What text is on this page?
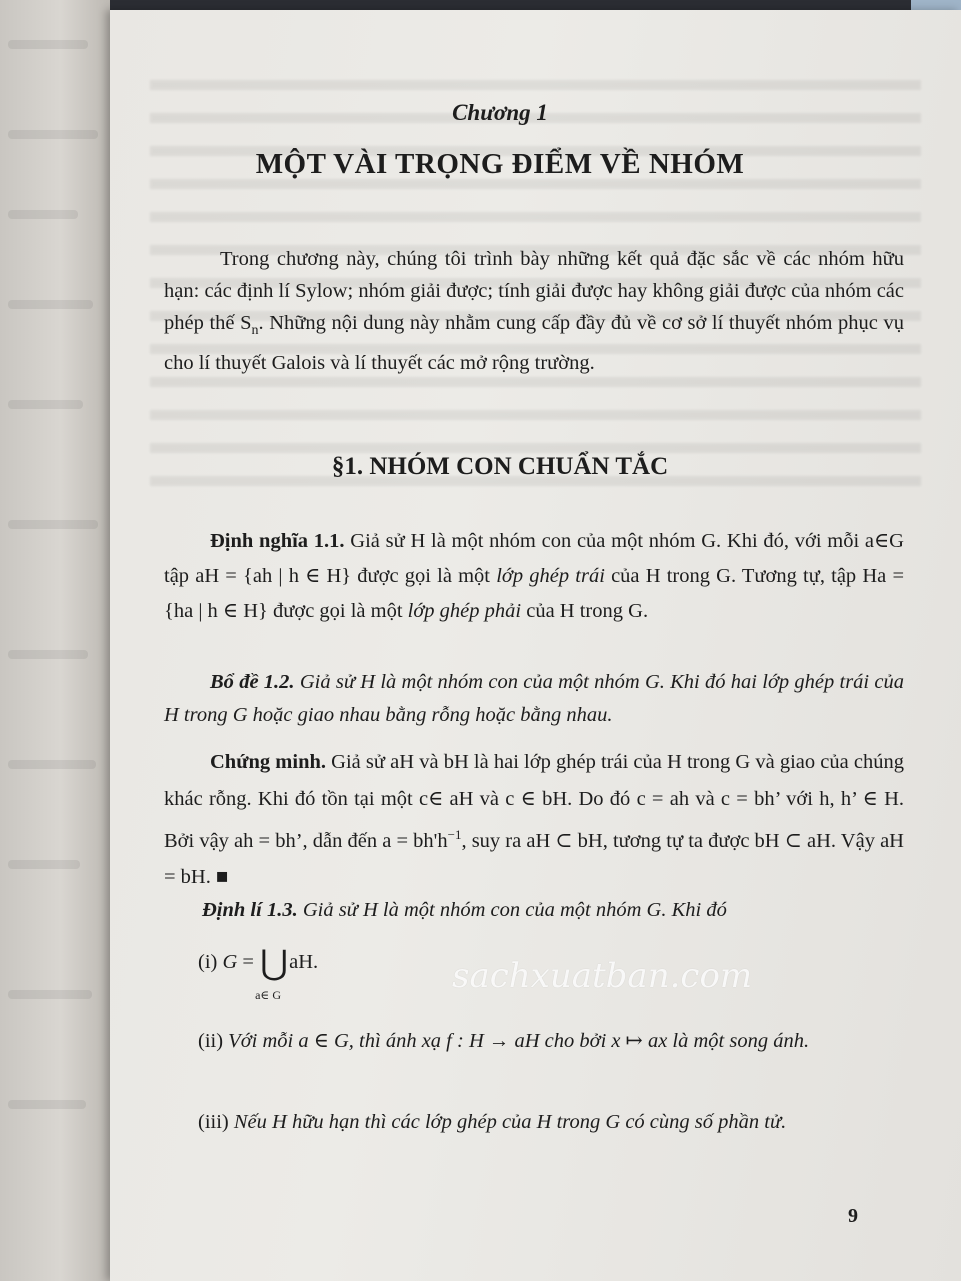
Chương 1
MỘT VÀI TRỌNG ĐIỂM VỀ NHÓM
Trong chương này, chúng tôi trình bày những kết quả đặc sắc về các nhóm hữu hạn: các định lí Sylow; nhóm giải được; tính giải được hay không giải được của nhóm các phép thế $S_n$. Những nội dung này nhằm cung cấp đầy đủ về cơ sở lí thuyết nhóm phục vụ cho lí thuyết Galois và lí thuyết các mở rộng trường.
§1. NHÓM CON CHUẨN TẮC
Định nghĩa 1.1. Giả sử H là một nhóm con của một nhóm G. Khi đó, với mỗi a∈G tập aH = {ah | h ∈ H} được gọi là một lớp ghép trái của H trong G. Tương tự, tập Ha = {ha | h ∈ H} được gọi là một lớp ghép phải của H trong G.
Bổ đề 1.2. Giả sử H là một nhóm con của một nhóm G. Khi đó hai lớp ghép trái của H trong G hoặc giao nhau bằng rỗng hoặc bằng nhau.
Chứng minh. Giả sử aH và bH là hai lớp ghép trái của H trong G và giao của chúng khác rỗng. Khi đó tồn tại một c∈ aH và c ∈ bH. Do đó c = ah và c = bh’ với h, h’ ∈ H. Bởi vậy ah = bh’, dẫn đến $a = bh'h^{-1}$, suy ra aH ⊂ bH, tương tự ta được bH ⊂ aH. Vậy aH = bH. ■
Định lí 1.3. Giả sử H là một nhóm con của một nhóm G. Khi đó
(i) G = ⋃
a∈ G
aH.
(ii) Với mỗi a ∈ G, thì ánh xạ f : H → aH cho bởi x ↦ ax là một song ánh.
(iii) Nếu H hữu hạn thì các lớp ghép của H trong G có cùng số phần tử.
sachxuatban.com
9
